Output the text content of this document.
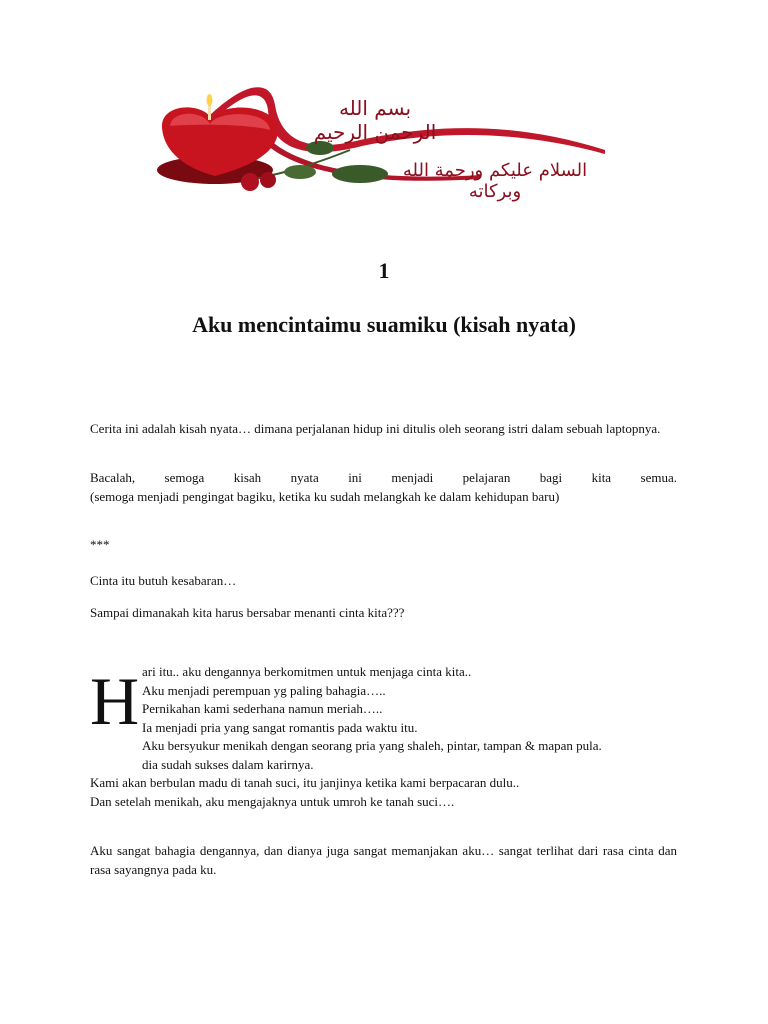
بسم الله الرحمن الرحيم
السلام عليكم ورحمة الله وبركاته
1
Aku mencintaimu suamiku (kisah nyata)
Cerita ini adalah kisah nyata… dimana perjalanan hidup ini ditulis oleh seorang istri dalam sebuah laptopnya.
Bacalah, semoga kisah nyata ini menjadi pelajaran bagi kita semua.
(semoga menjadi pengingat bagiku, ketika ku sudah melangkah ke dalam kehidupan baru)
***
Cinta itu butuh kesabaran…
Sampai dimanakah kita harus bersabar menanti cinta kita???
H ari itu.. aku dengannya berkomitmen untuk menjaga cinta kita..
Aku menjadi perempuan yg paling bahagia…..
Pernikahan kami sederhana namun meriah…..
Ia menjadi pria yang sangat romantis pada waktu itu.
Aku bersyukur menikah dengan seorang pria yang shaleh, pintar, tampan & mapan pula.
dia sudah sukses dalam karirnya.
Kami akan berbulan madu di tanah suci, itu janjinya ketika kami berpacaran dulu..
Dan setelah menikah, aku mengajaknya untuk umroh ke tanah suci….
Aku sangat bahagia dengannya, dan dianya juga sangat memanjakan aku… sangat terlihat dari rasa cinta dan rasa sayangnya pada ku.
